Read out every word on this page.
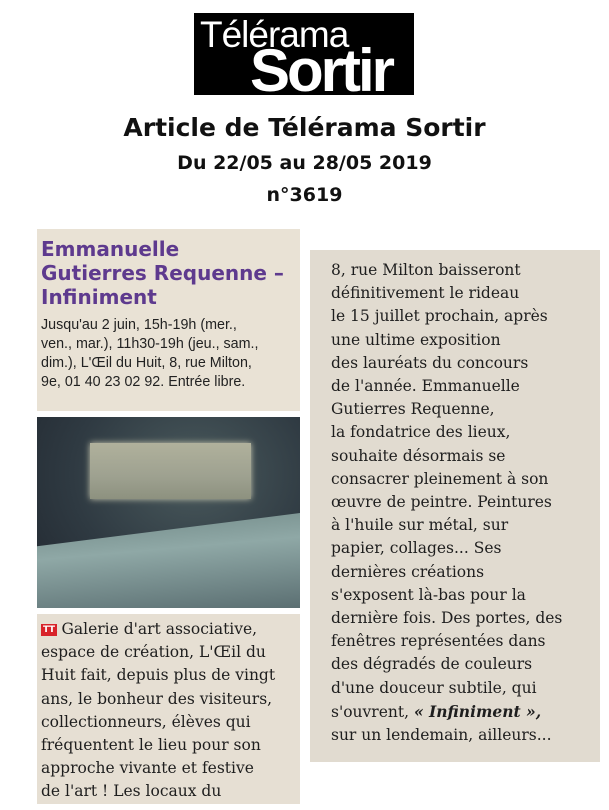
Télérama
Sortir
Article de Télérama Sortir
Du 22/05 au 28/05 2019
n°3619
Emmanuelle
Gutierres Requenne –
Infiniment
Jusqu'au 2 juin, 15h-19h (mer.,
ven., mar.), 11h30-19h (jeu., sam.,
dim.), L'Œil du Huit, 8, rue Milton,
9e, 01 40 23 02 92. Entrée libre.
TT Galerie d'art associative,
espace de création, L'Œil du
Huit fait, depuis plus de vingt
ans, le bonheur des visiteurs,
collectionneurs, élèves qui
fréquentent le lieu pour son
approche vivante et festive
de l'art ! Les locaux du
8, rue Milton baisseront
définitivement le rideau
le 15 juillet prochain, après
une ultime exposition
des lauréats du concours
de l'année. Emmanuelle
Gutierres Requenne,
la fondatrice des lieux,
souhaite désormais se
consacrer pleinement à son
œuvre de peintre. Peintures
à l'huile sur métal, sur
papier, collages... Ses
dernières créations
s'exposent là-bas pour la
dernière fois. Des portes, des
fenêtres représentées dans
des dégradés de couleurs
d'une douceur subtile, qui
s'ouvrent, « Infiniment »,
sur un lendemain, ailleurs...
